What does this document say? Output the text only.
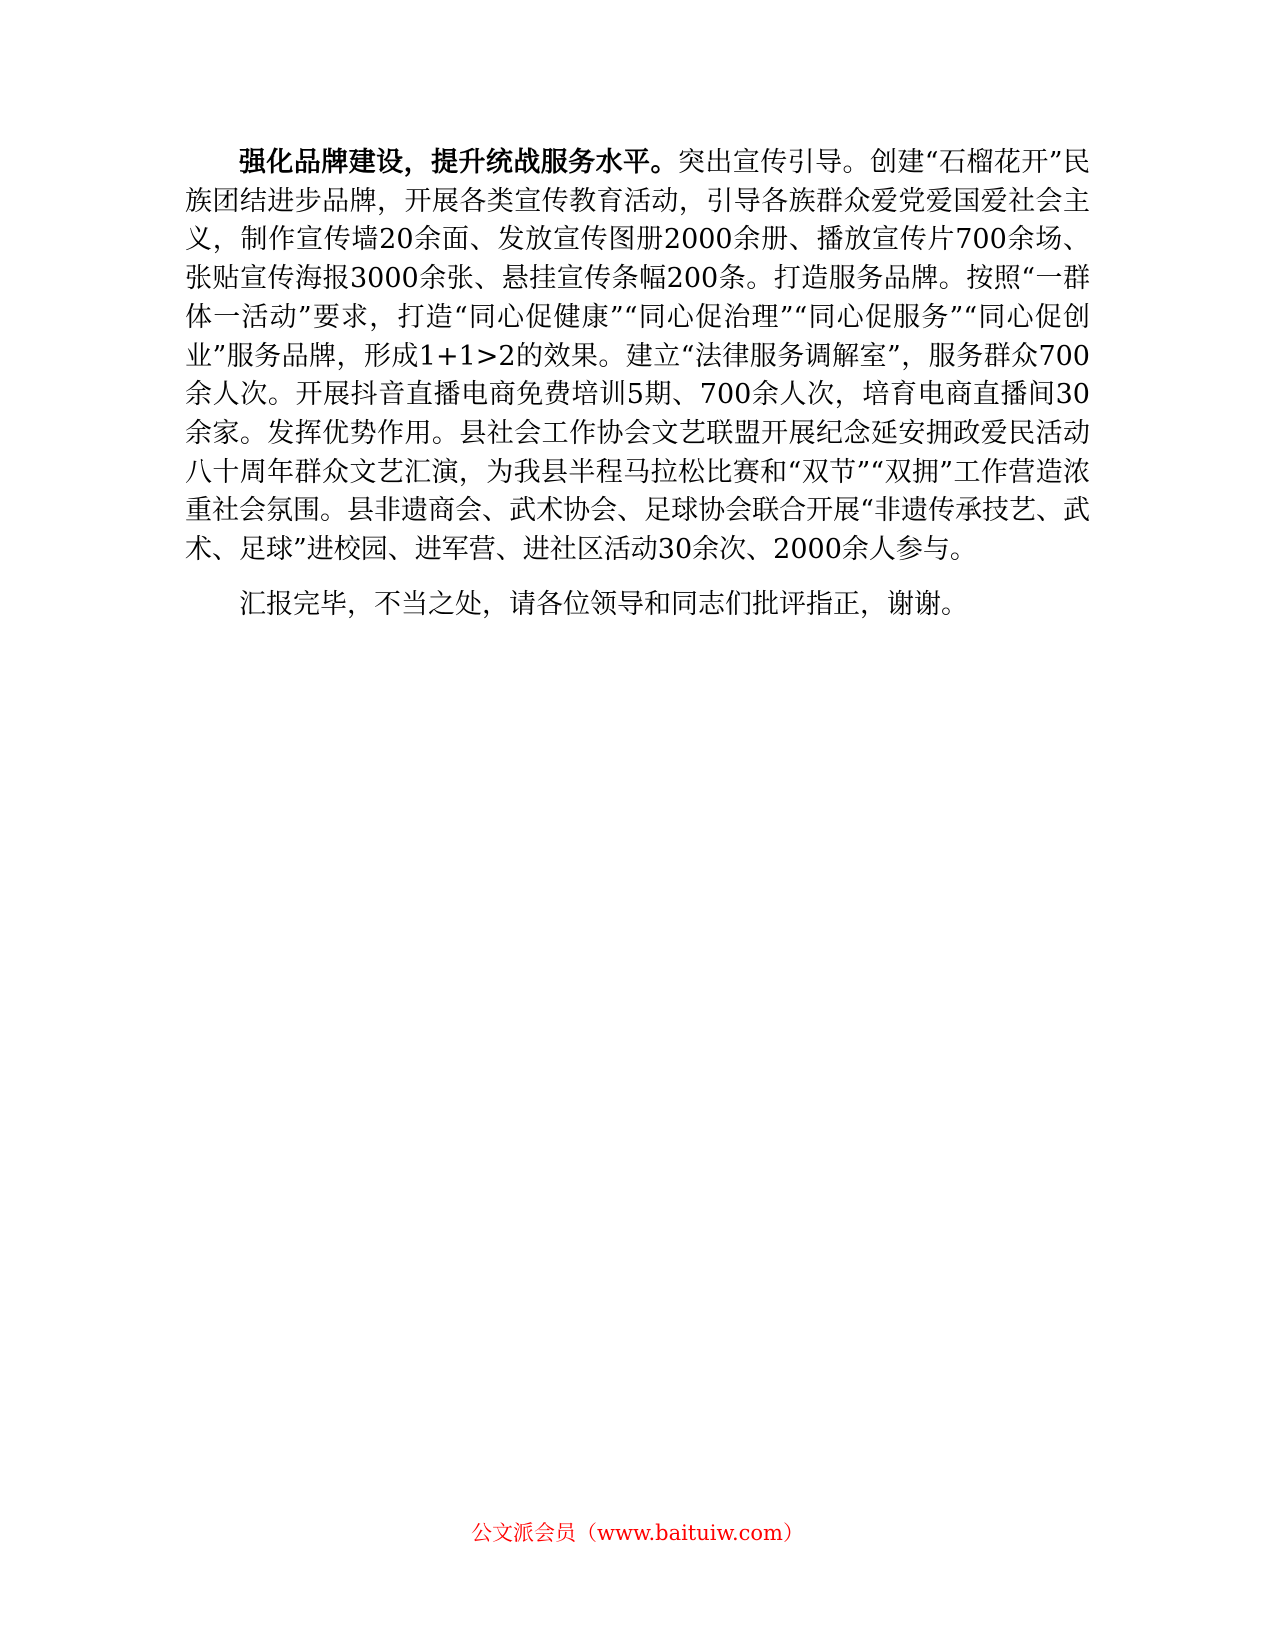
强化品牌建设，提升统战服务水平。突出宣传引导。创建“石榴花开”民族团结进步品牌，开展各类宣传教育活动，引导各族群众爱党爱国爱社会主义，制作宣传墙20余面、发放宣传图册2000余册、播放宣传片700余场、张贴宣传海报3000余张、悬挂宣传条幅200条。打造服务品牌。按照“一群体一活动”要求，打造“同心促健康”“同心促治理”“同心促服务”“同心促创业”服务品牌，形成1+1>2的效果。建立“法律服务调解室”，服务群众700余人次。开展抖音直播电商免费培训5期、700余人次，培育电商直播间30余家。发挥优势作用。县社会工作协会文艺联盟开展纪念延安拥政爱民活动八十周年群众文艺汇演，为我县半程马拉松比赛和“双节”“双拥”工作营造浓重社会氛围。县非遗商会、武术协会、足球协会联合开展“非遗传承技艺、武术、足球”进校园、进军营、进社区活动30余次、2000余人参与。

汇报完毕，不当之处，请各位领导和同志们批评指正，谢谢。

公文派会员（www.baituiw.com）
